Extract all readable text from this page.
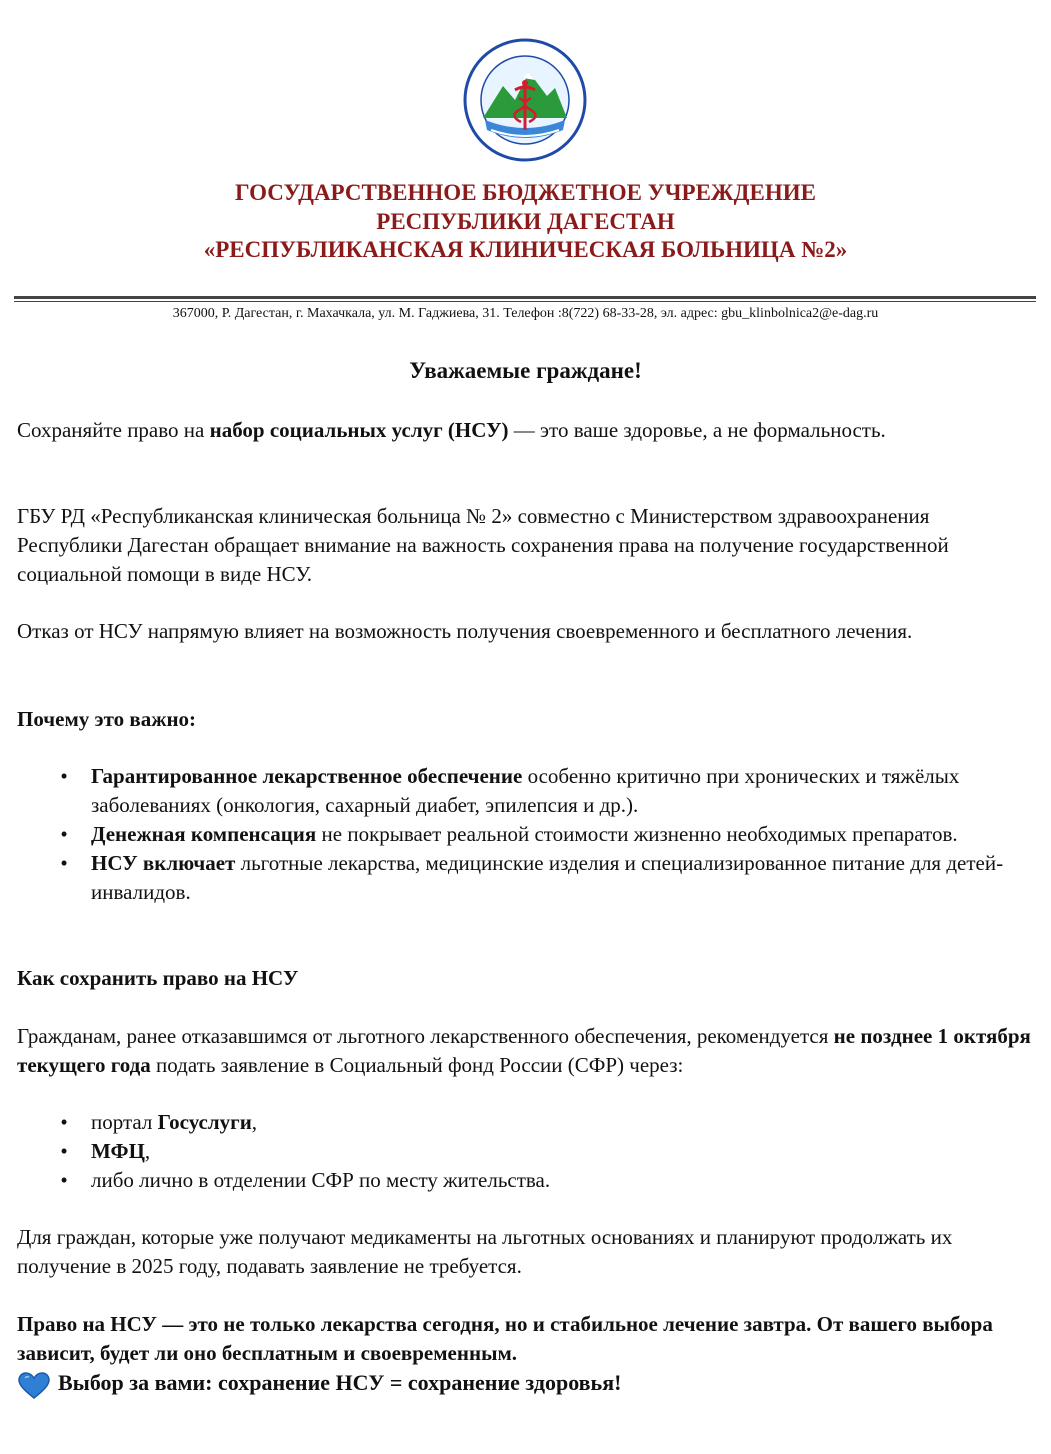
ГОСУДАРСТВЕННОЕ БЮДЖЕТНОЕ УЧРЕЖДЕНИЕ
РЕСПУБЛИКИ ДАГЕСТАН
«РЕСПУБЛИКАНСКАЯ КЛИНИЧЕСКАЯ БОЛЬНИЦА №2»
367000, Р. Дагестан, г. Махачкала, ул. М. Гаджиева, 31. Телефон :8(722) 68-33-28, эл. адрес: gbu_klinbolnica2@e-dag.ru
Уважаемые граждане!

Сохраняйте право на набор социальных услуг (НСУ) — это ваше здоровье, а не формальность.

ГБУ РД «Республиканская клиническая больница № 2» совместно с Министерством здравоохранения Республики Дагестан обращает внимание на важность сохранения права на получение государственной социальной помощи в виде НСУ.

Отказ от НСУ напрямую влияет на возможность получения своевременного и бесплатного лечения.

Почему это важно:

• Гарантированное лекарственное обеспечение особенно критично при хронических и тяжёлых заболеваниях (онкология, сахарный диабет, эпилепсия и др.).
• Денежная компенсация не покрывает реальной стоимости жизненно необходимых препаратов.
• НСУ включает льготные лекарства, медицинские изделия и специализированное питание для детей-инвалидов.

Как сохранить право на НСУ

Гражданам, ранее отказавшимся от льготного лекарственного обеспечения, рекомендуется не позднее 1 октября текущего года подать заявление в Социальный фонд России (СФР) через:

• портал Госуслуги,
• МФЦ,
• либо лично в отделении СФР по месту жительства.

Для граждан, которые уже получают медикаменты на льготных основаниях и планируют продолжать их получение в 2025 году, подавать заявление не требуется.

Право на НСУ — это не только лекарства сегодня, но и стабильное лечение завтра. От вашего выбора зависит, будет ли оно бесплатным и своевременным.

Выбор за вами: сохранение НСУ = сохранение здоровья!
